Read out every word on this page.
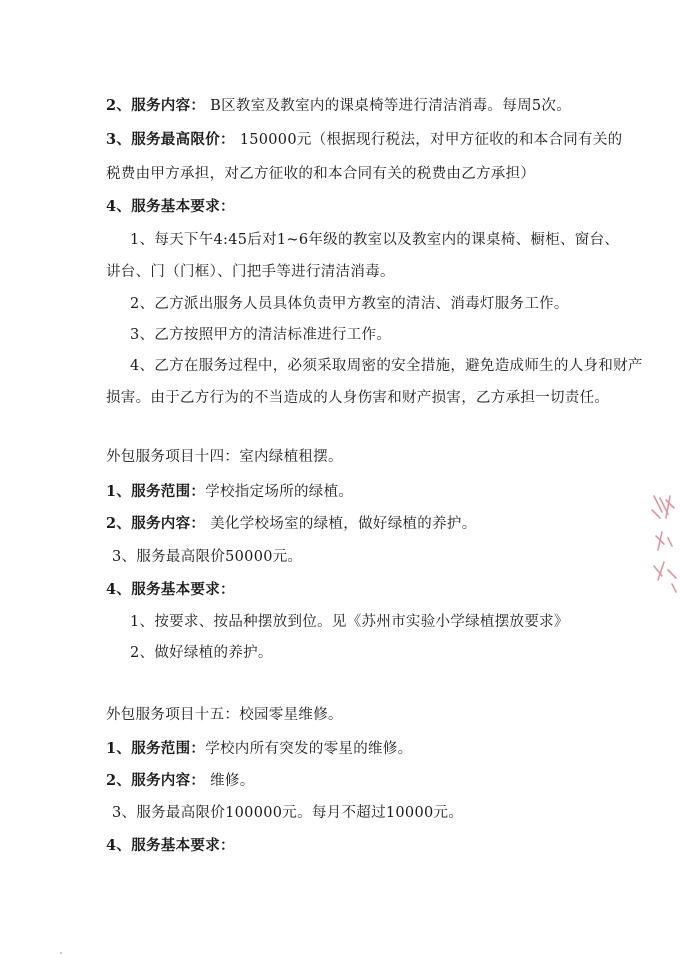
2、服务内容： B区教室及教室内的课桌椅等进行清洁消毒。每周5次。
3、服务最高限价： 150000元（根据现行税法，对甲方征收的和本合同有关的
税费由甲方承担，对乙方征收的和本合同有关的税费由乙方承担）
4、服务基本要求：
1、每天下午4:45后对1~6年级的教室以及教室内的课桌椅、橱柜、窗台、
讲台、门（门框）、门把手等进行清洁消毒。
2、乙方派出服务人员具体负责甲方教室的清洁、消毒灯服务工作。
3、乙方按照甲方的清洁标准进行工作。
4、乙方在服务过程中，必须采取周密的安全措施，避免造成师生的人身和财产
损害。由于乙方行为的不当造成的人身伤害和财产损害，乙方承担一切责任。
外包服务项目十四：室内绿植租摆。
1、服务范围：学校指定场所的绿植。
2、服务内容： 美化学校场室的绿植，做好绿植的养护。
3、服务最高限价50000元。
4、服务基本要求：
1、按要求、按品种摆放到位。见《苏州市实验小学绿植摆放要求》
2、做好绿植的养护。
外包服务项目十五：校园零星维修。
1、服务范围：学校内所有突发的零星的维修。
2、服务内容： 维修。
3、服务最高限价100000元。每月不超过10000元。
4、服务基本要求：
